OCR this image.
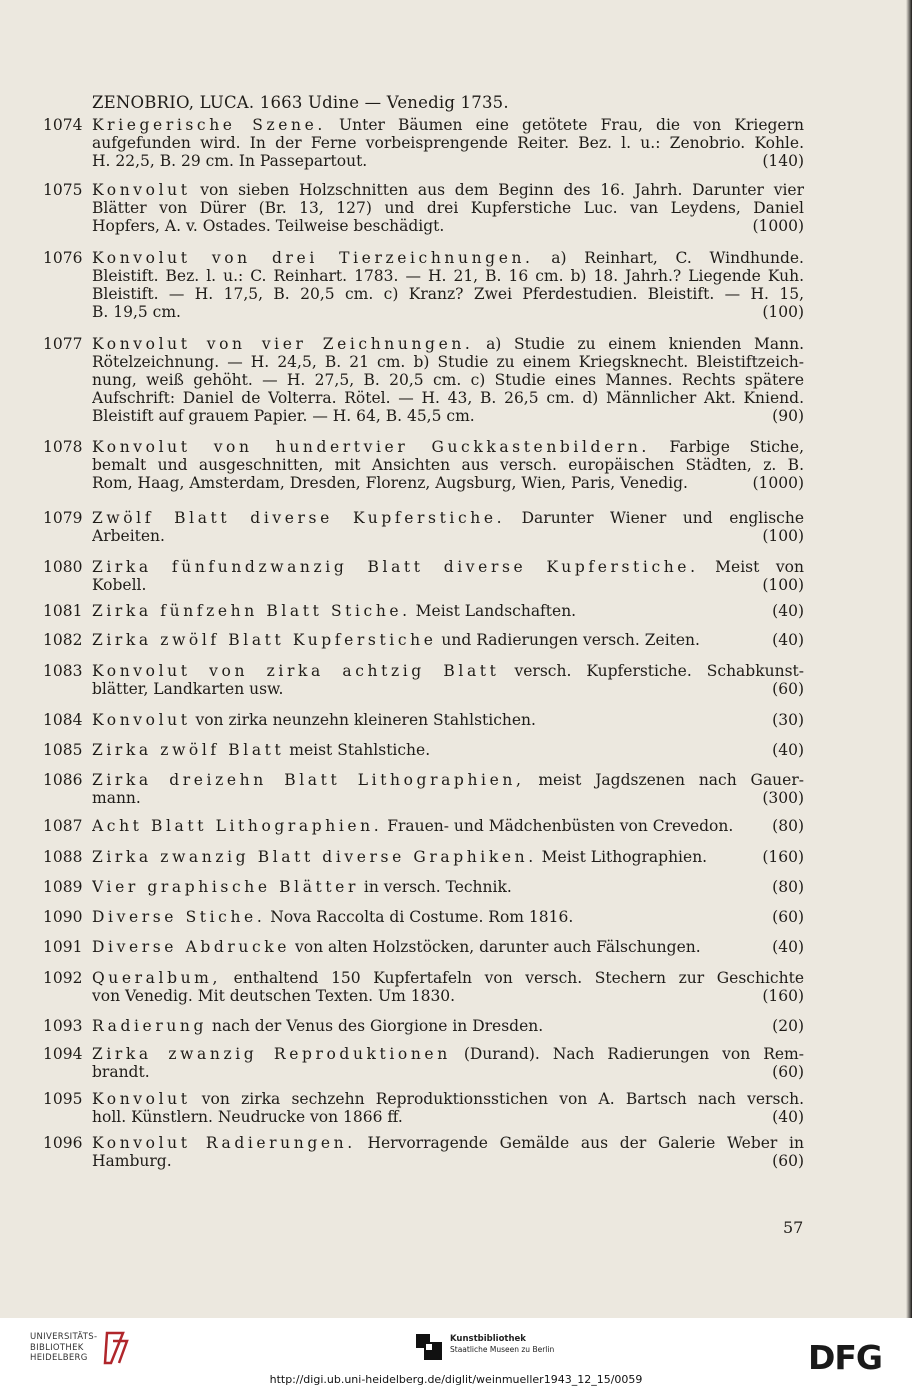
ZENOBRIO, LUCA. 1663 Udine — Venedig 1735.
1074 Kriegerische Szene. Unter Bäumen eine getötete Frau, die von Kriegern
aufgefunden wird. In der Ferne vorbeisprengende Reiter. Bez. l. u.: Zenobrio. Kohle.
H. 22,5, B. 29 cm. In Passepartout.	(140)
1075 Konvolut von sieben Holzschnitten aus dem Beginn des 16. Jahrh. Darunter vier
Blätter von Dürer (Br. 13, 127) und drei Kupferstiche Luc. van Leydens, Daniel
Hopfers, A. v. Ostades. Teilweise beschädigt.	(1000)
1076 Konvolut von drei Tierzeichnungen. a) Reinhart, C. Windhunde.
Bleistift. Bez. l. u.: C. Reinhart. 1783. — H. 21, B. 16 cm. b) 18. Jahrh.? Liegende Kuh.
Bleistift. — H. 17,5, B. 20,5 cm. c) Kranz? Zwei Pferdestudien. Bleistift. — H. 15,
B. 19,5 cm.	(100)
1077 Konvolut von vier Zeichnungen. a) Studie zu einem knienden Mann.
Rötelzeichnung. — H. 24,5, B. 21 cm. b) Studie zu einem Kriegsknecht. Bleistiftzeich-
nung, weiß gehöht. — H. 27,5, B. 20,5 cm. c) Studie eines Mannes. Rechts spätere
Aufschrift: Daniel de Volterra. Rötel. — H. 43, B. 26,5 cm. d) Männlicher Akt. Kniend.
Bleistift auf grauem Papier. — H. 64, B. 45,5 cm.	(90)
1078 Konvolut von hundertvier Guckkastenbildern. Farbige Stiche,
bemalt und ausgeschnitten, mit Ansichten aus versch. europäischen Städten, z. B.
Rom, Haag, Amsterdam, Dresden, Florenz, Augsburg, Wien, Paris, Venedig.	(1000)
1079 Zwölf Blatt diverse Kupferstiche. Darunter Wiener und englische
Arbeiten.	(100)
1080 Zirka fünfundzwanzig Blatt diverse Kupferstiche. Meist von
Kobell.	(100)
1081 Zirka fünfzehn Blatt Stiche. Meist Landschaften.	(40)
1082 Zirka zwölf Blatt Kupferstiche und Radierungen versch. Zeiten.	(40)
1083 Konvolut von zirka achtzig Blatt versch. Kupferstiche. Schabkunst-
blätter, Landkarten usw.	(60)
1084 Konvolut von zirka neunzehn kleineren Stahlstichen.	(30)
1085 Zirka zwölf Blatt meist Stahlstiche.	(40)
1086 Zirka dreizehn Blatt Lithographien, meist Jagdszenen nach Gauer-
mann.	(300)
1087 Acht Blatt Lithographien. Frauen- und Mädchenbüsten von Crevedon.	(80)
1088 Zirka zwanzig Blatt diverse Graphiken. Meist Lithographien.	(160)
1089 Vier graphische Blätter in versch. Technik.	(80)
1090 Diverse Stiche. Nova Raccolta di Costume. Rom 1816.	(60)
1091 Diverse Abdrucke von alten Holzstöcken, darunter auch Fälschungen.	(40)
1092 Queralbum, enthaltend 150 Kupfertafeln von versch. Stechern zur Geschichte
von Venedig. Mit deutschen Texten. Um 1830.	(160)
1093 Radierung nach der Venus des Giorgione in Dresden.	(20)
1094 Zirka zwanzig Reproduktionen (Durand). Nach Radierungen von Rem-
brandt.	(60)
1095 Konvolut von zirka sechzehn Reproduktionsstichen von A. Bartsch nach versch.
holl. Künstlern. Neudrucke von 1866 ff.	(40)
1096 Konvolut Radierungen. Hervorragende Gemälde aus der Galerie Weber in
Hamburg.	(60)
57
UNIVERSITÄTS-
BIBLIOTHEK
HEIDELBERG
Kunstbibliothek
Staatliche Museen zu Berlin	DFG
http://digi.ub.uni-heidelberg.de/diglit/weinmueller1943_12_15/0059
